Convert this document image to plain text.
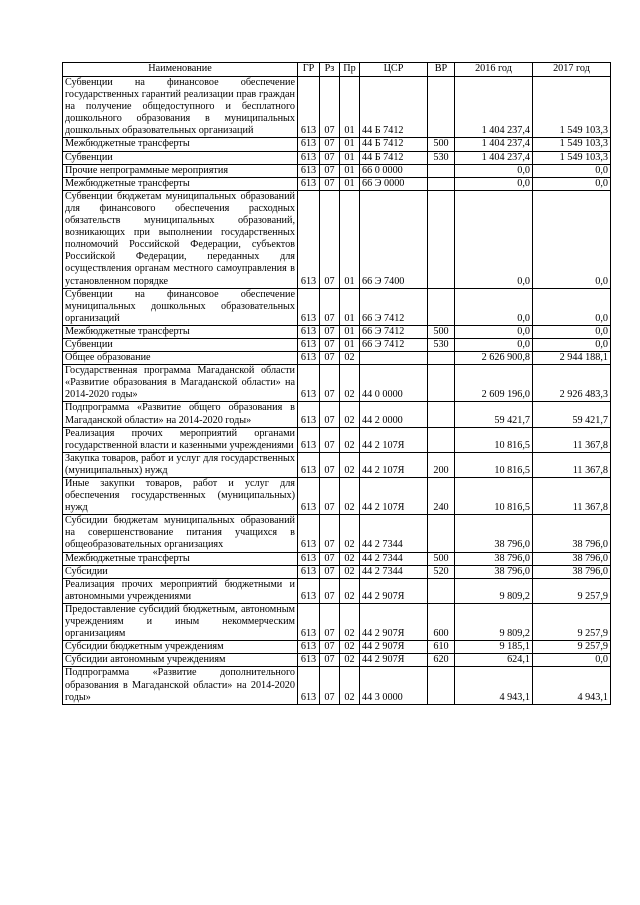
Наименование	ГР	Рз	Пр	ЦСР	ВР	2016 год	2017 год
Субвенции на финансовое обеспечение государственных гарантий реализации прав граждан на получение общедоступного и бесплатного дошкольного образования в муниципальных дошкольных образовательных организаций	613	07	01	44 Б 7412		1 404 237,4	1 549 103,3
Межбюджетные трансферты	613	07	01	44 Б 7412	500	1 404 237,4	1 549 103,3
Субвенции	613	07	01	44 Б 7412	530	1 404 237,4	1 549 103,3
Прочие непрограммные мероприятия	613	07	01	66 0 0000		0,0	0,0
Межбюджетные трансферты	613	07	01	66 Э 0000		0,0	0,0
Субвенции бюджетам муниципальных образований для финансового обеспечения расходных обязательств муниципальных образований, возникающих при выполнении государственных полномочий Российской Федерации, субъектов Российской Федерации, переданных для осуществления органам местного самоуправления в установленном порядке	613	07	01	66 Э 7400		0,0	0,0
Субвенции на финансовое обеспечение муниципальных дошкольных образовательных организаций	613	07	01	66 Э 7412		0,0	0,0
Межбюджетные трансферты	613	07	01	66 Э 7412	500	0,0	0,0
Субвенции	613	07	01	66 Э 7412	530	0,0	0,0
Общее образование	613	07	02			2 626 900,8	2 944 188,1
Государственная программа Магаданской области «Развитие образования в Магаданской области» на 2014-2020 годы»	613	07	02	44 0 0000		2 609 196,0	2 926 483,3
Подпрограмма «Развитие общего образования в Магаданской области» на 2014-2020 годы»	613	07	02	44 2 0000		59 421,7	59 421,7
Реализация прочих мероприятий органами государственной власти и казенными учреждениями	613	07	02	44 2 107Я		10 816,5	11 367,8
Закупка товаров, работ и услуг для государственных (муниципальных) нужд	613	07	02	44 2 107Я	200	10 816,5	11 367,8
Иные закупки товаров, работ и услуг для обеспечения государственных (муниципальных) нужд	613	07	02	44 2 107Я	240	10 816,5	11 367,8
Субсидии бюджетам муниципальных образований на совершенствование питания учащихся в общеобразовательных организациях	613	07	02	44 2 7344		38 796,0	38 796,0
Межбюджетные трансферты	613	07	02	44 2 7344	500	38 796,0	38 796,0
Субсидии	613	07	02	44 2 7344	520	38 796,0	38 796,0
Реализация прочих мероприятий бюджетными и автономными учреждениями	613	07	02	44 2 907Я		9 809,2	9 257,9
Предоставление субсидий бюджетным, автономным учреждениям и иным некоммерческим организациям	613	07	02	44 2 907Я	600	9 809,2	9 257,9
Субсидии бюджетным учреждениям	613	07	02	44 2 907Я	610	9 185,1	9 257,9
Субсидии автономным учреждениям	613	07	02	44 2 907Я	620	624,1	0,0
Подпрограмма «Развитие дополнительного образования в Магаданской области» на 2014-2020 годы»	613	07	02	44 3 0000		4 943,1	4 943,1
